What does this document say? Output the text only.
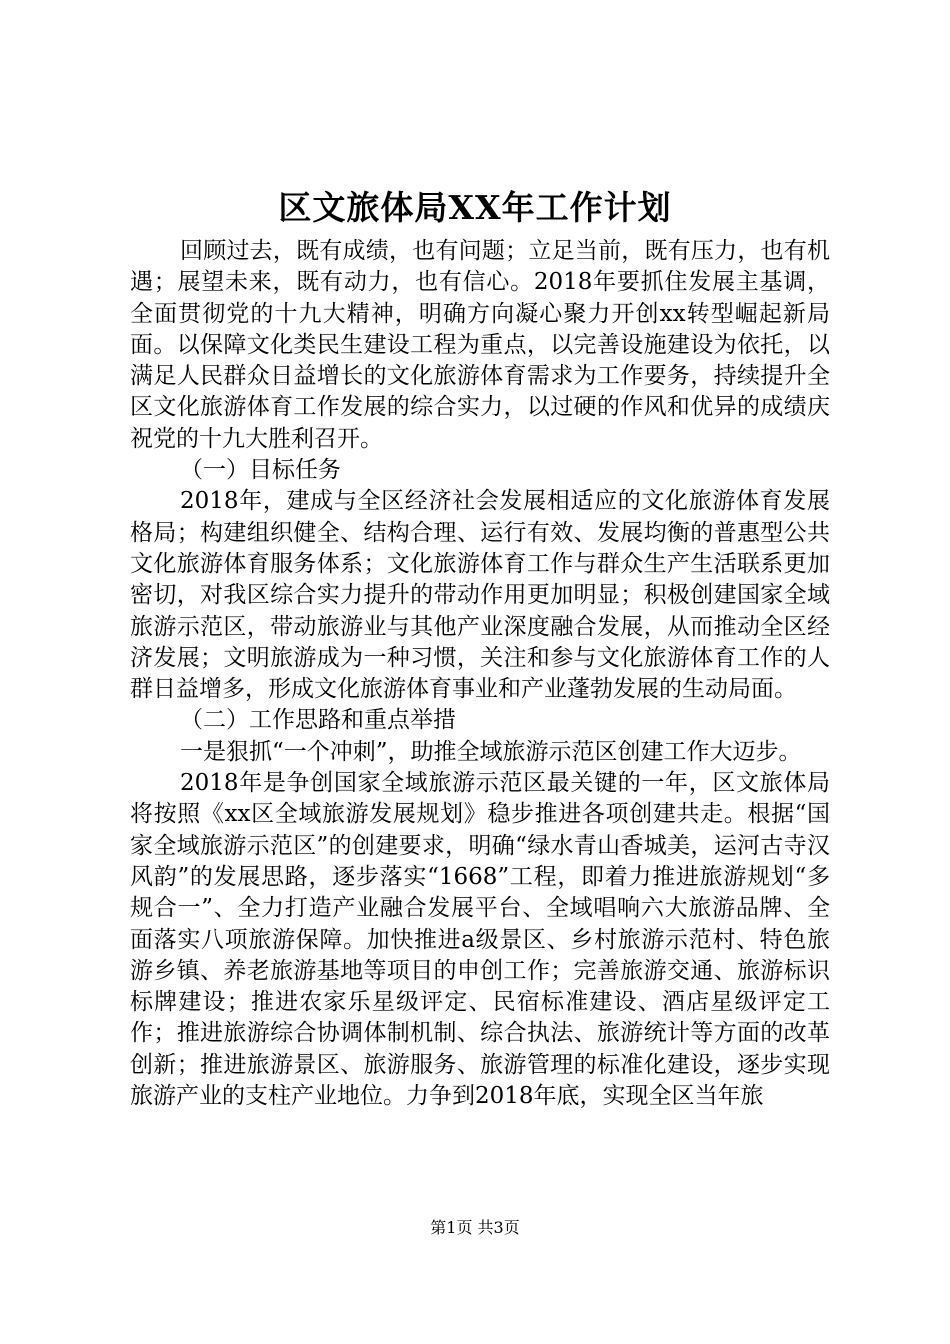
区文旅体局XX年工作计划

回顾过去，既有成绩，也有问题；立足当前，既有压力，也有机遇；展望未来，既有动力，也有信心。2018年要抓住发展主基调，全面贯彻党的十九大精神，明确方向凝心聚力开创xx转型崛起新局面。以保障文化类民生建设工程为重点，以完善设施建设为依托，以满足人民群众日益增长的文化旅游体育需求为工作要务，持续提升全区文化旅游体育工作发展的综合实力，以过硬的作风和优异的成绩庆祝党的十九大胜利召开。

（一）目标任务

2018年，建成与全区经济社会发展相适应的文化旅游体育发展格局；构建组织健全、结构合理、运行有效、发展均衡的普惠型公共文化旅游体育服务体系；文化旅游体育工作与群众生产生活联系更加密切，对我区综合实力提升的带动作用更加明显；积极创建国家全域旅游示范区，带动旅游业与其他产业深度融合发展，从而推动全区经济发展；文明旅游成为一种习惯，关注和参与文化旅游体育工作的人群日益增多，形成文化旅游体育事业和产业蓬勃发展的生动局面。

（二）工作思路和重点举措

一是狠抓“一个冲刺”，助推全域旅游示范区创建工作大迈步。

2018年是争创国家全域旅游示范区最关键的一年，区文旅体局将按照《xx区全域旅游发展规划》稳步推进各项创建共走。根据“国家全域旅游示范区”的创建要求，明确“绿水青山香城美，运河古寺汉风韵”的发展思路，逐步落实“1668”工程，即着力推进旅游规划“多规合一”、全力打造产业融合发展平台、全域唱响六大旅游品牌、全面落实八项旅游保障。加快推进a级景区、乡村旅游示范村、特色旅游乡镇、养老旅游基地等项目的申创工作；完善旅游交通、旅游标识标牌建设；推进农家乐星级评定、民宿标准建设、酒店星级评定工作；推进旅游综合协调体制机制、综合执法、旅游统计等方面的改革创新；推进旅游景区、旅游服务、旅游管理的标准化建设，逐步实现旅游产业的支柱产业地位。力争到2018年底，实现全区当年旅

第1页 共3页
